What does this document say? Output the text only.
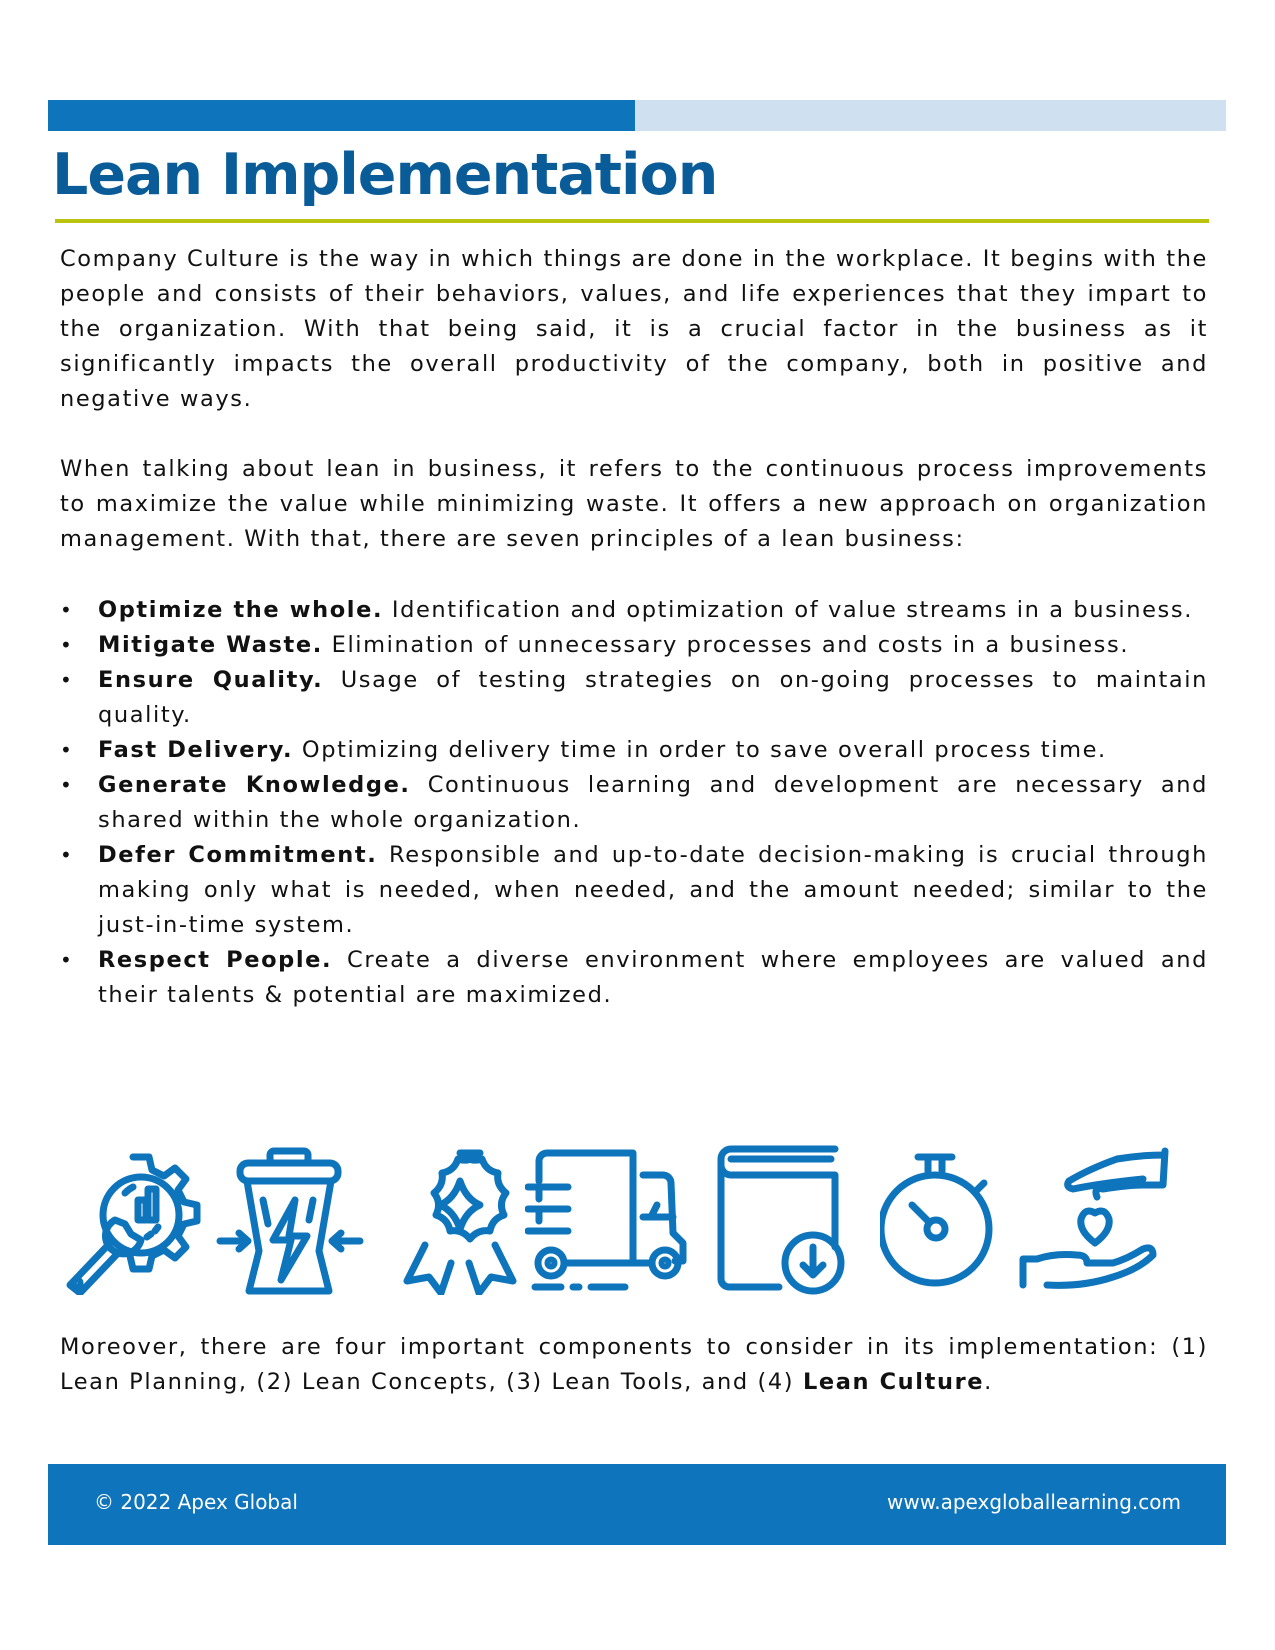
Lean Implementation

Company Culture is the way in which things are done in the workplace. It begins with the people and consists of their behaviors, values, and life experiences that they impart to the organization. With that being said, it is a crucial factor in the business as it significantly impacts the overall productivity of the company, both in positive and negative ways.

When talking about lean in business, it refers to the continuous process improvements to maximize the value while minimizing waste. It offers a new approach on organization management. With that, there are seven principles of a lean business:

• Optimize the whole. Identification and optimization of value streams in a business.
• Mitigate Waste. Elimination of unnecessary processes and costs in a business.
• Ensure Quality. Usage of testing strategies on on-going processes to maintain quality.
• Fast Delivery. Optimizing delivery time in order to save overall process time.
• Generate Knowledge. Continuous learning and development are necessary and shared within the whole organization.
• Defer Commitment. Responsible and up-to-date decision-making is crucial through making only what is needed, when needed, and the amount needed; similar to the just-in-time system.
• Respect People. Create a diverse environment where employees are valued and their talents & potential are maximized.

Moreover, there are four important components to consider in its implementation: (1) Lean Planning, (2) Lean Concepts, (3) Lean Tools, and (4) Lean Culture.

© 2022 Apex Global	www.apexgloballearning.com
